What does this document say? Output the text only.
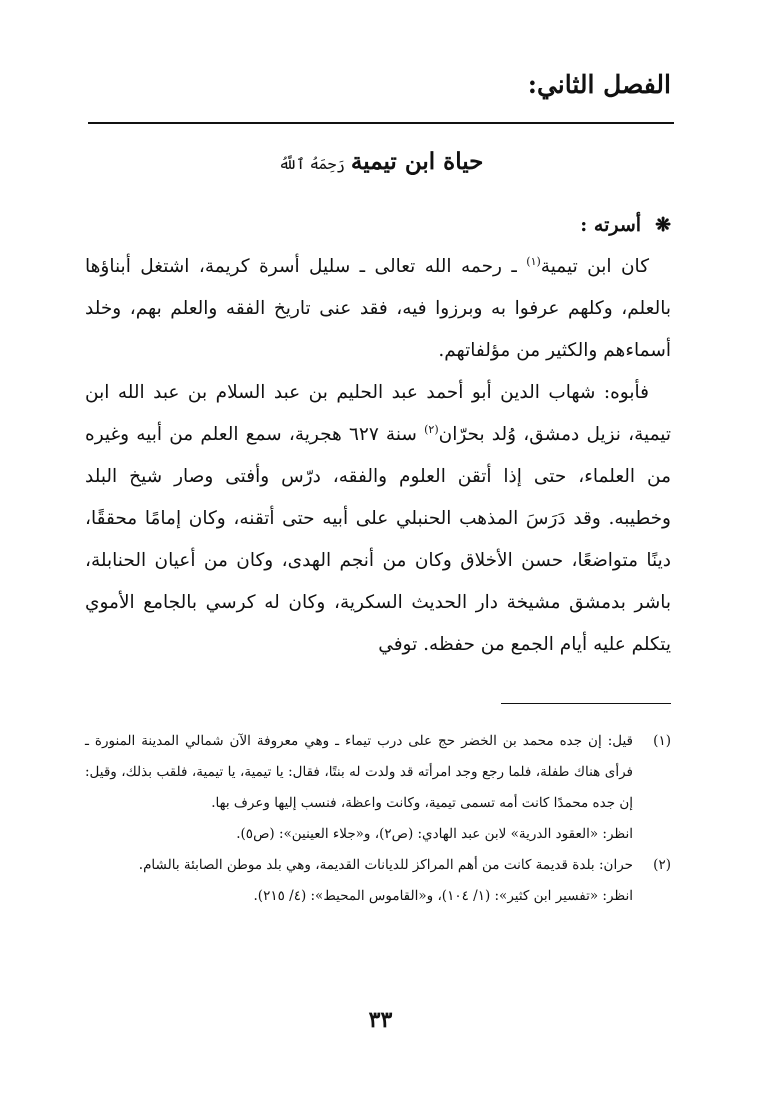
الفصل الثاني:
حياة ابن تيميةرَحِمَهُ ٱللَّهُ
❋أسرته :

كان ابن تيمية$^{(١)}$ ـ رحمه الله تعالى ـ سليل أسرة كريمة، اشتغل أبناؤها بالعلم، وكلهم عرفوا به وبرزوا فيه، فقد عنى تاريخ الفقه والعلم بهم، وخلد أسماءهم والكثير من مؤلفاتهم.

فأبوه: شهاب الدين أبو أحمد عبد الحليم بن عبد السلام بن عبد الله ابن تيمية، نزيل دمشق، وُلد بحرّان$^{(٢)}$ سنة ٦٢٧ هجرية، سمع العلم من أبيه وغيره من العلماء، حتى إذا أتقن العلوم والفقه، درّس وأفتى وصار شيخ البلد وخطيبه. وقد دَرَسَ المذهب الحنبلي على أبيه حتى أتقنه، وكان إمامًا محققًا، دينًا متواضعًا، حسن الأخلاق وكان من أنجم الهدى، وكان من أعيان الحنابلة، باشر بدمشق مشيخة دار الحديث السكرية، وكان له كرسي بالجامع الأموي يتكلم عليه أيام الجمع من حفظه. توفي

(١)
قيل: إن جده محمد بن الخضر حج على درب تيماء ـ وهي معروفة الآن شمالي المدينة المنورة ـ فرأى هناك طفلة، فلما رجع وجد امرأته قد ولدت له بنتًا، فقال: يا تيمية، يا تيمية، فلقب بذلك، وقيل: إن جده محمدًا كانت أمه تسمى تيمية، وكانت واعظة، فنسب إليها وعرف بها.
انظر: «العقود الدرية» لابن عبد الهادي: (ص٢)، و«جلاء العينين»: (ص٥).
(٢)
حران: بلدة قديمة كانت من أهم المراكز للديانات القديمة، وهي بلد موطن الصابئة بالشام.
انظر: «تفسير ابن كثير»: (١/ ١٠٤)، و«القاموس المحيط»: (٤/ ٢١٥).
٣٣
